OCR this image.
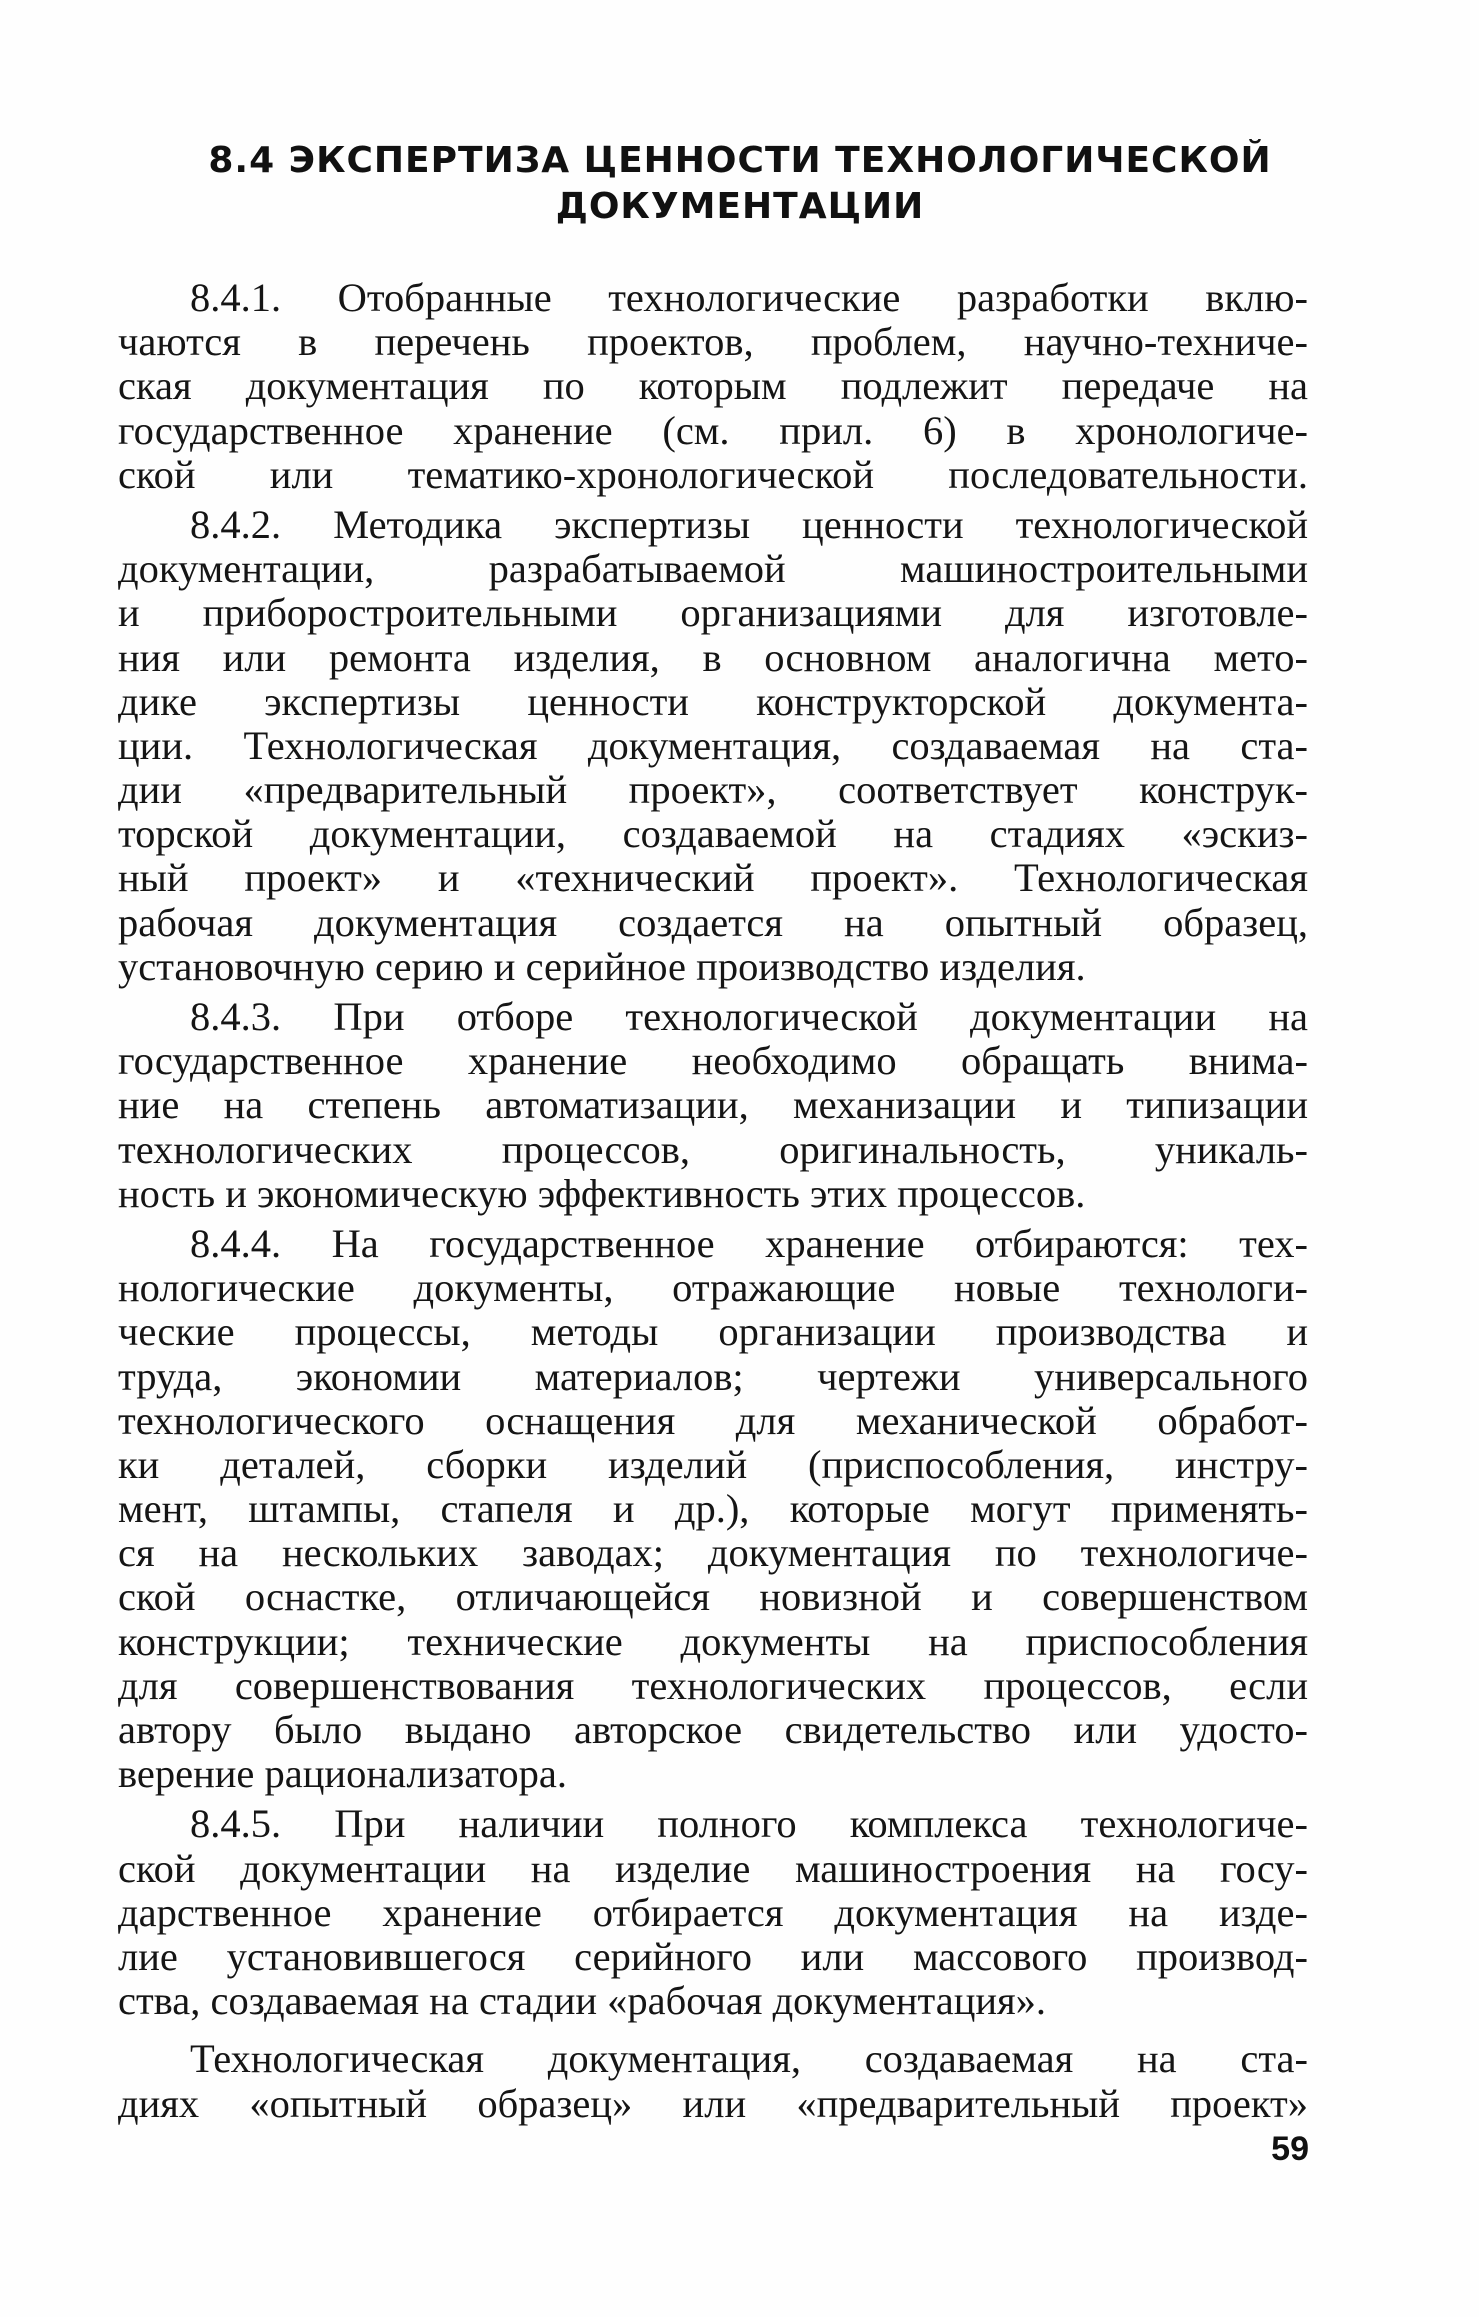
8.4 ЭКСПЕРТИЗА ЦЕННОСТИ ТЕХНОЛОГИЧЕСКОЙ
ДОКУМЕНТАЦИИ
8.4.1. Отобранные технологические разработки вклю-
чаются в перечень проектов, проблем, научно-техниче-
ская документация по которым подлежит передаче на
государственное хранение (см. прил. 6) в хронологиче-
ской или тематико-хронологической последовательности.
8.4.2. Методика экспертизы ценности технологической
документации, разрабатываемой машиностроительными
и приборостроительными организациями для изготовле-
ния или ремонта изделия, в основном аналогична мето-
дике экспертизы ценности конструкторской документа-
ции. Технологическая документация, создаваемая на ста-
дии «предварительный проект», соответствует конструк-
торской документации, создаваемой на стадиях «эскиз-
ный проект» и «технический проект». Технологическая
рабочая документация создается на опытный образец,
установочную серию и серийное производство изделия.
8.4.3. При отборе технологической документации на
государственное хранение необходимо обращать внима-
ние на степень автоматизации, механизации и типизации
технологических процессов, оригинальность, уникаль-
ность и экономическую эффективность этих процессов.
8.4.4. На государственное хранение отбираются: тех-
нологические документы, отражающие новые технологи-
ческие процессы, методы организации производства и
труда, экономии материалов; чертежи универсального
технологического оснащения для механической обработ-
ки деталей, сборки изделий (приспособления, инстру-
мент, штампы, стапеля и др.), которые могут применять-
ся на нескольких заводах; документация по технологиче-
ской оснастке, отличающейся новизной и совершенством
конструкции; технические документы на приспособления
для совершенствования технологических процессов, если
автору было выдано авторское свидетельство или удосто-
верение рационализатора.
8.4.5. При наличии полного комплекса технологиче-
ской документации на изделие машиностроения на госу-
дарственное хранение отбирается документация на изде-
лие установившегося серийного или массового производ-
ства, создаваемая на стадии «рабочая документация».
Технологическая документация, создаваемая на ста-
диях «опытный образец» или «предварительный проект»
59
